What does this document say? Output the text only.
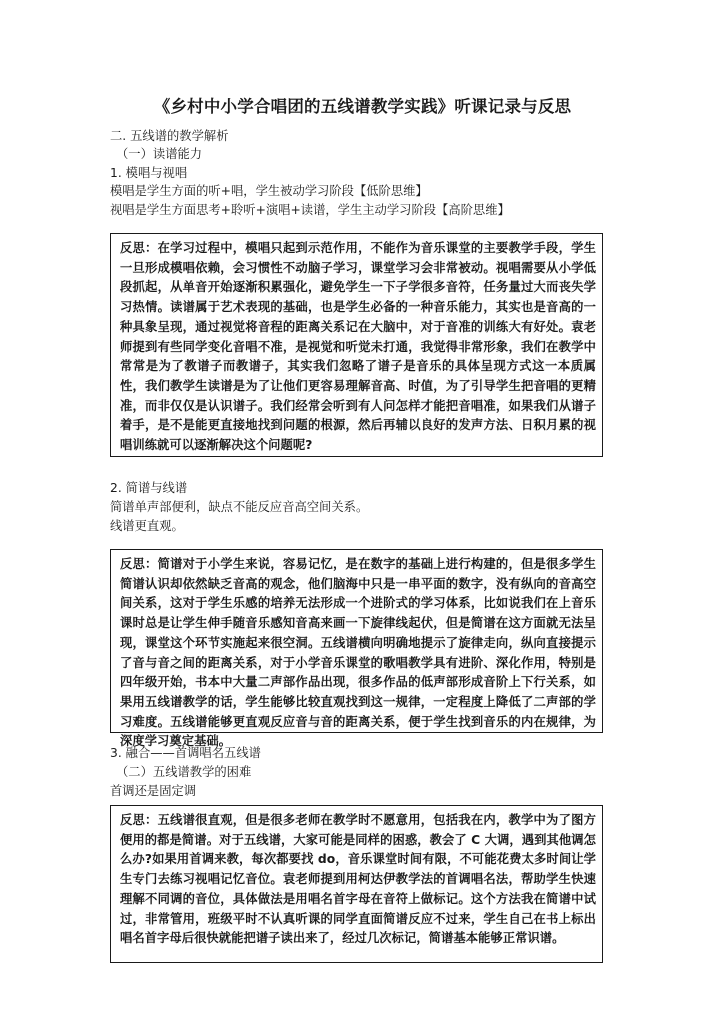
《乡村中小学合唱团的五线谱教学实践》听课记录与反思
二. 五线谱的教学解析
（一）读谱能力
1. 模唱与视唱
模唱是学生方面的听+唱，学生被动学习阶段【低阶思维】
视唱是学生方面思考+聆听+演唱+读谱，学生主动学习阶段【高阶思维】

反思：在学习过程中，模唱只起到示范作用，不能作为音乐课堂的主要教学手段，学生一旦形成模唱依赖，会习惯性不动脑子学习，课堂学习会非常被动。视唱需要从小学低段抓起，从单音开始逐渐积累强化，避免学生一下子学很多音符，任务量过大而丧失学习热情。读谱属于艺术表现的基础，也是学生必备的一种音乐能力，其实也是音高的一种具象呈现，通过视觉将音程的距离关系记在大脑中，对于音准的训练大有好处。袁老师提到有些同学变化音唱不准，是视觉和听觉未打通，我觉得非常形象，我们在教学中常常是为了教谱子而教谱子，其实我们忽略了谱子是音乐的具体呈现方式这一本质属性，我们教学生读谱是为了让他们更容易理解音高、时值，为了引导学生把音唱的更精准，而非仅仅是认识谱子。我们经常会听到有人问怎样才能把音唱准，如果我们从谱子着手，是不是能更直接地找到问题的根源，然后再辅以良好的发声方法、日积月累的视唱训练就可以逐渐解决这个问题呢?

2. 简谱与线谱
简谱单声部便利，缺点不能反应音高空间关系。
线谱更直观。

反思：简谱对于小学生来说，容易记忆，是在数字的基础上进行构建的，但是很多学生简谱认识却依然缺乏音高的观念，他们脑海中只是一串平面的数字，没有纵向的音高空间关系，这对于学生乐感的培养无法形成一个进阶式的学习体系，比如说我们在上音乐课时总是让学生伸手随音乐感知音高来画一下旋律线起伏，但是简谱在这方面就无法呈现，课堂这个环节实施起来很空洞。五线谱横向明确地提示了旋律走向，纵向直接提示了音与音之间的距离关系，对于小学音乐课堂的歌唱教学具有进阶、深化作用，特别是四年级开始，书本中大量二声部作品出现，很多作品的低声部形成音阶上下行关系，如果用五线谱教学的话，学生能够比较直观找到这一规律，一定程度上降低了二声部的学习难度。五线谱能够更直观反应音与音的距离关系，便于学生找到音乐的内在规律，为深度学习奠定基础。

3. 融合——首调唱名五线谱
（二）五线谱教学的困难
首调还是固定调

反思：五线谱很直观，但是很多老师在教学时不愿意用，包括我在内，教学中为了图方便用的都是简谱。对于五线谱，大家可能是同样的困惑，教会了 C 大调，遇到其他调怎么办?如果用首调来教，每次都要找 do，音乐课堂时间有限，不可能花费太多时间让学生专门去练习视唱记忆音位。袁老师提到用柯达伊教学法的首调唱名法，帮助学生快速理解不同调的音位，具体做法是用唱名首字母在音符上做标记。这个方法我在简谱中试过，非常管用，班级平时不认真听课的同学直面简谱反应不过来，学生自己在书上标出唱名首字母后很快就能把谱子读出来了，经过几次标记，简谱基本能够正常识谱。
